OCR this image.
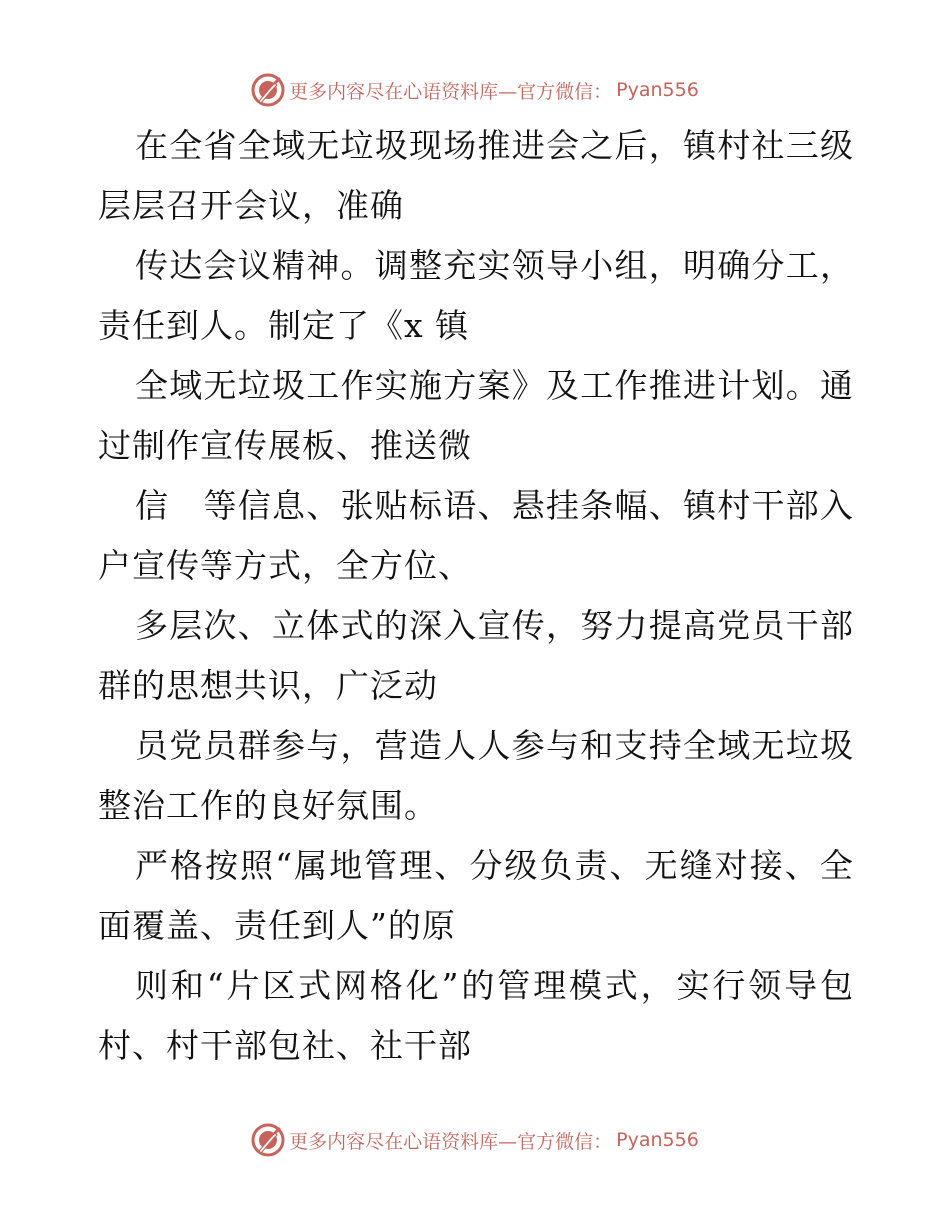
更多内容尽在心语资料库—官方微信： Pyan556
在 全 省 全 域 无 垃 圾 现 场 推 进 会 之 后 ， 镇 村 社 三 级
层层召开会议，准确
传 达 会 议 精 神 。 调 整 充 实 领 导 小 组 ， 明 确 分 工 ，
责任到人。制定了《x 镇
全 域 无 垃 圾 工 作 实 施 方 案 》 及 工 作 推 进 计 划 。 通
过制作宣传展板、推送微
信
　 等 信 息 、 张 贴 标 语 、 悬 挂 条 幅 、 镇 村 干 部 入
户宣传等方式，全方位、
多 层 次 、 立 体 式 的 深 入 宣 传 ， 努 力 提 高 党 员 干 部
群的思想共识，广泛动
员 党 员 群 参 与 ， 营 造 人 人 参 与 和 支 持 全 域 无 垃 圾
整治工作的良好氛围。
严 格 按 照 “ 属 地 管 理 、 分 级 负 责 、 无 缝 对 接 、 全
面覆盖、责任到人”的原
则 和 “ 片 区 式 网 格 化 ” 的 管 理 模 式 ， 实 行 领 导 包
村、村干部包社、社干部
更多内容尽在心语资料库—官方微信： Pyan556
